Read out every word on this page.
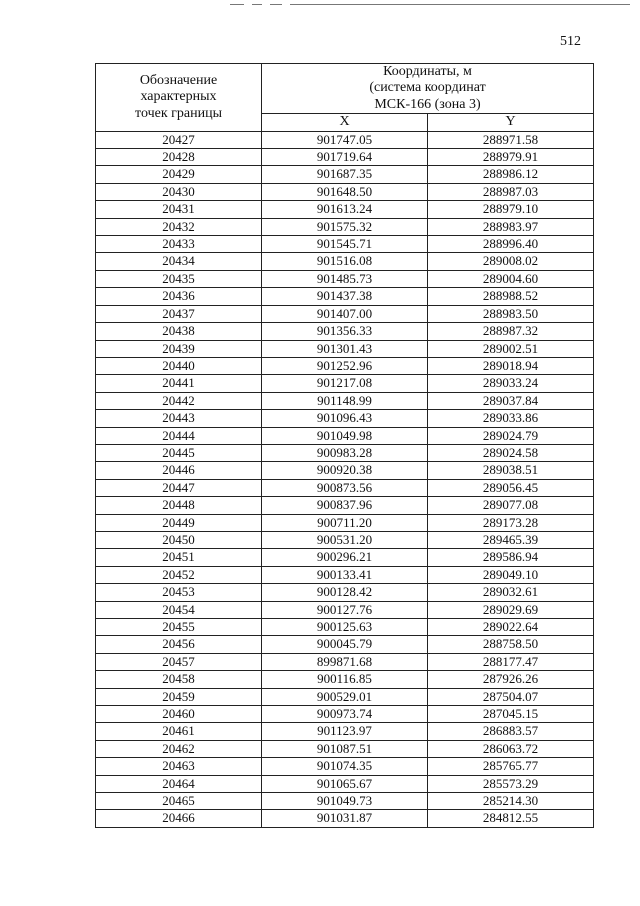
512
Обозначение
характерных
точек границы	Координаты, м
(система координат
МСК-166 (зона 3)	

	X	Y
20427	901747.05	288971.58
20428	901719.64	288979.91
20429	901687.35	288986.12
20430	901648.50	288987.03
20431	901613.24	288979.10
20432	901575.32	288983.97
20433	901545.71	288996.40
20434	901516.08	289008.02
20435	901485.73	289004.60
20436	901437.38	288988.52
20437	901407.00	288983.50
20438	901356.33	288987.32
20439	901301.43	289002.51
20440	901252.96	289018.94
20441	901217.08	289033.24
20442	901148.99	289037.84
20443	901096.43	289033.86
20444	901049.98	289024.79
20445	900983.28	289024.58
20446	900920.38	289038.51
20447	900873.56	289056.45
20448	900837.96	289077.08
20449	900711.20	289173.28
20450	900531.20	289465.39
20451	900296.21	289586.94
20452	900133.41	289049.10
20453	900128.42	289032.61
20454	900127.76	289029.69
20455	900125.63	289022.64
20456	900045.79	288758.50
20457	899871.68	288177.47
20458	900116.85	287926.26
20459	900529.01	287504.07
20460	900973.74	287045.15
20461	901123.97	286883.57
20462	901087.51	286063.72
20463	901074.35	285765.77
20464	901065.67	285573.29
20465	901049.73	285214.30
20466	901031.87	284812.55
